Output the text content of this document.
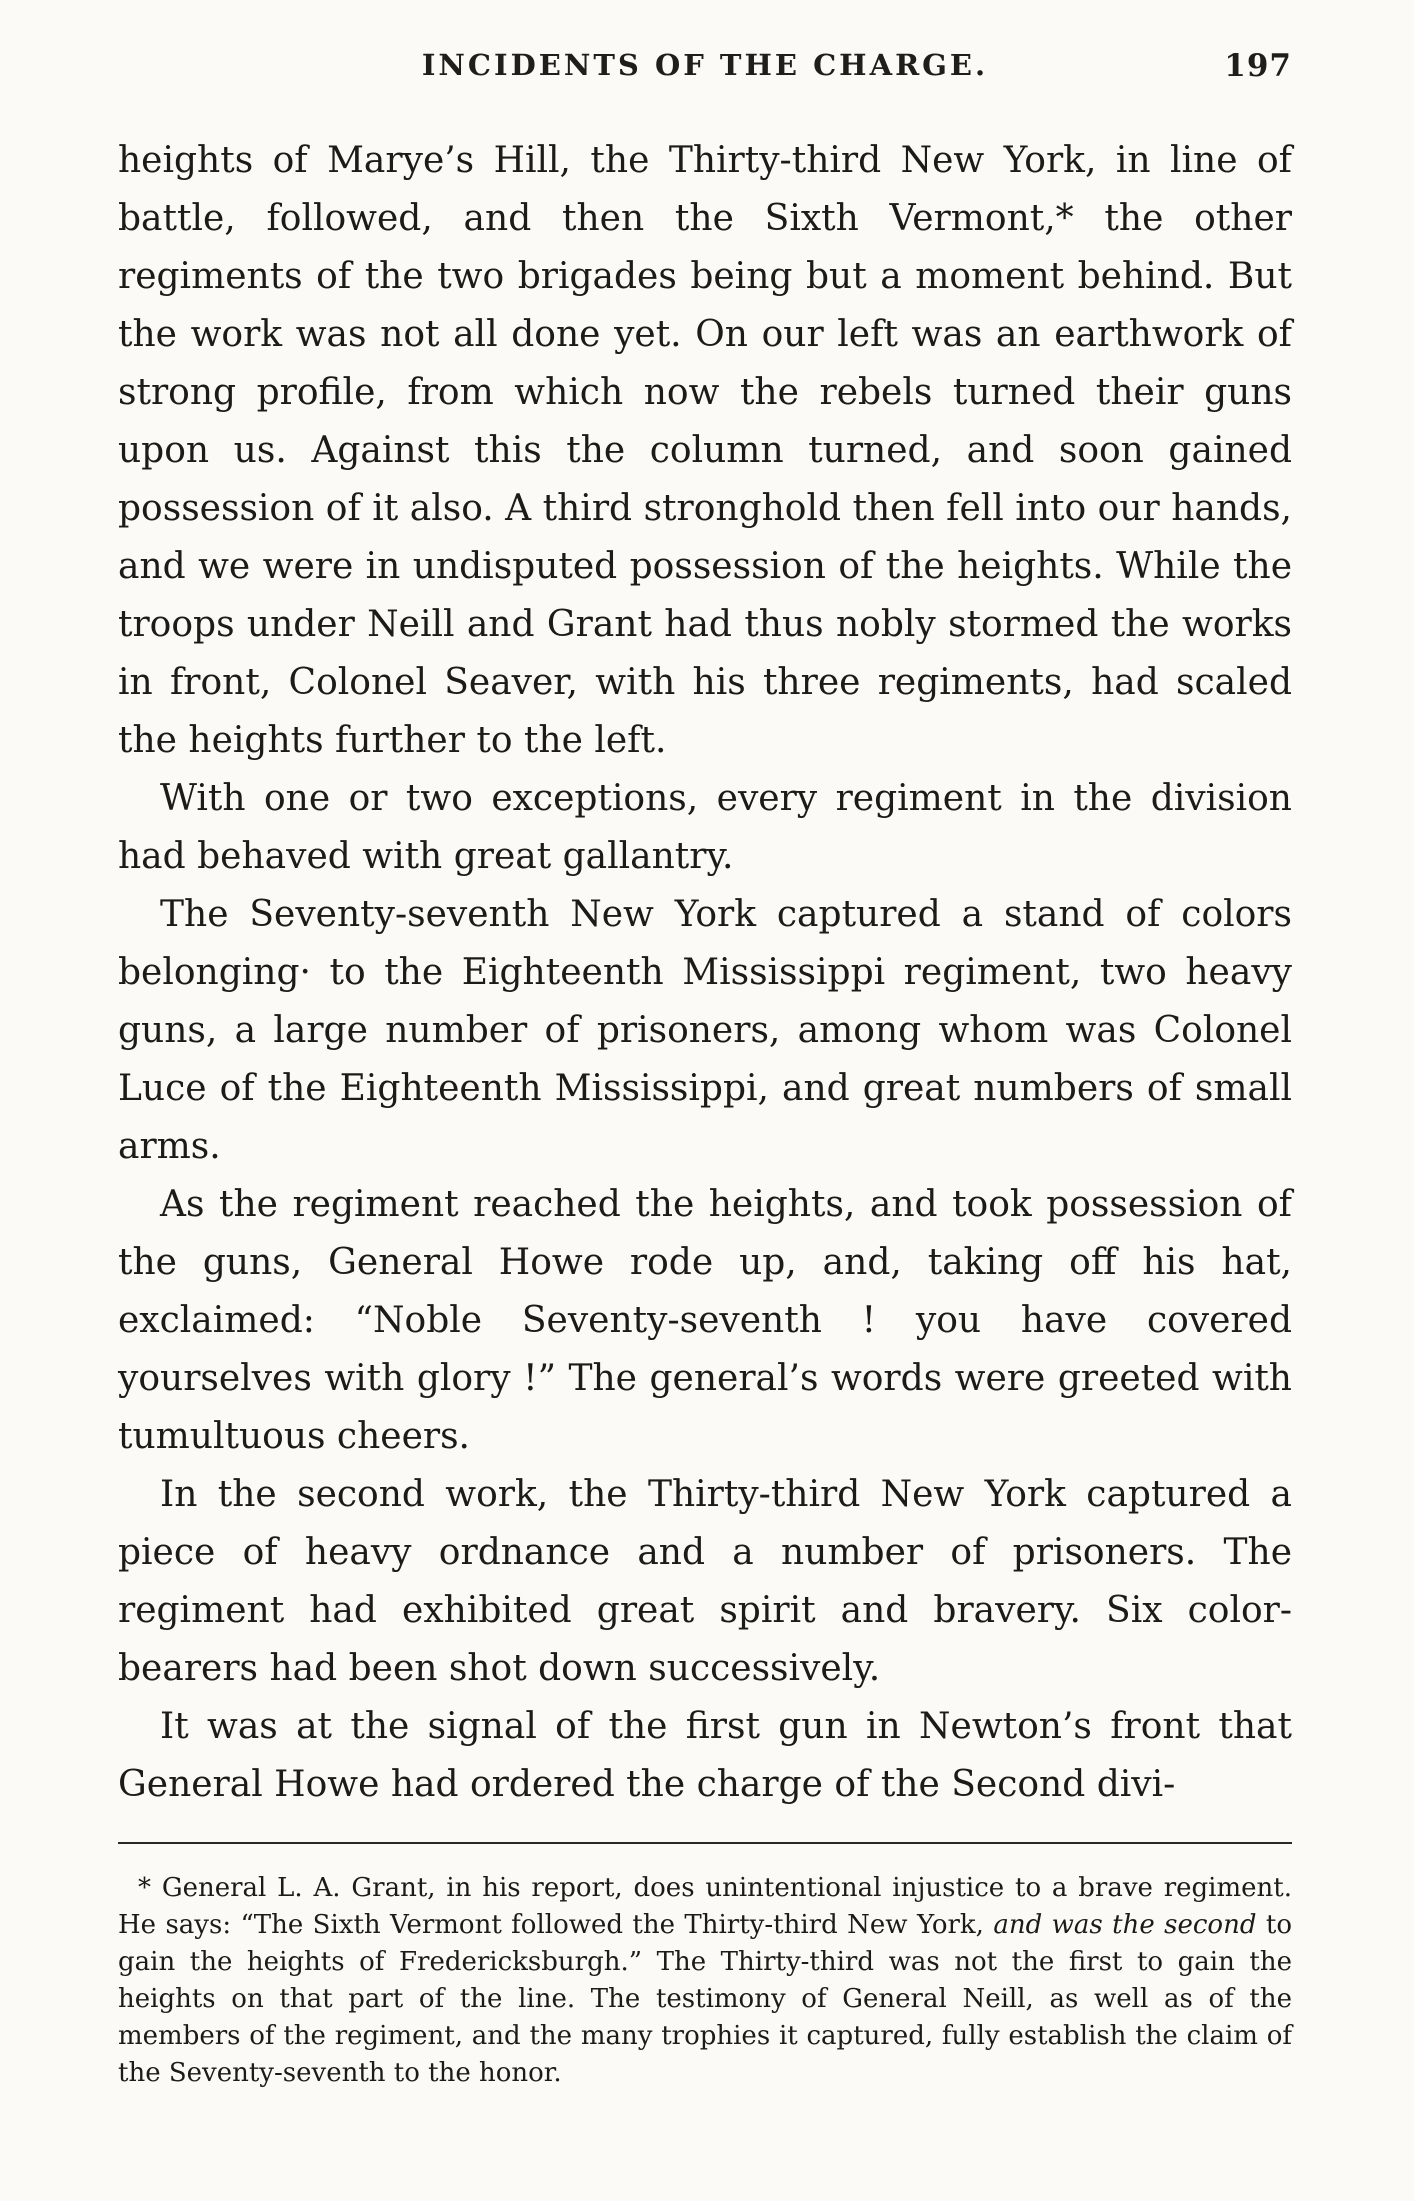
INCIDENTS OF THE CHARGE.	197

heights of Marye’s Hill, the Thirty-third New York, in line of battle, followed, and then the Sixth Vermont,* the other regiments of the two brigades being but a moment behind. But the work was not all done yet. On our left was an earthwork of strong profile, from which now the rebels turned their guns upon us. Against this the column turned, and soon gained possession of it also. A third stronghold then fell into our hands, and we were in undisputed possession of the heights. While the troops under Neill and Grant had thus nobly stormed the works in front, Colonel Seaver, with his three regiments, had scaled the heights further to the left.

With one or two exceptions, every regiment in the division had behaved with great gallantry.

The Seventy-seventh New York captured a stand of colors belonging· to the Eighteenth Mississippi regiment, two heavy guns, a large number of prisoners, among whom was Colonel Luce of the Eighteenth Mississippi, and great numbers of small arms.

As the regiment reached the heights, and took possession of the guns, General Howe rode up, and, taking off his hat, exclaimed: “Noble Seventy-seventh ! you have covered yourselves with glory !” The general’s words were greeted with tumultuous cheers.

In the second work, the Thirty-third New York captured a piece of heavy ordnance and a number of prisoners. The regiment had exhibited great spirit and bravery. Six color-bearers had been shot down successively.

It was at the signal of the first gun in Newton’s front that General Howe had ordered the charge of the Second divi-

* General L. A. Grant, in his report, does unintentional injustice to a brave regiment. He says: “The Sixth Vermont followed the Thirty-third New York, and was the second to gain the heights of Fredericksburgh.” The Thirty-third was not the first to gain the heights on that part of the line. The testimony of General Neill, as well as of the members of the regiment, and the many trophies it captured, fully establish the claim of the Seventy-seventh to the honor.
